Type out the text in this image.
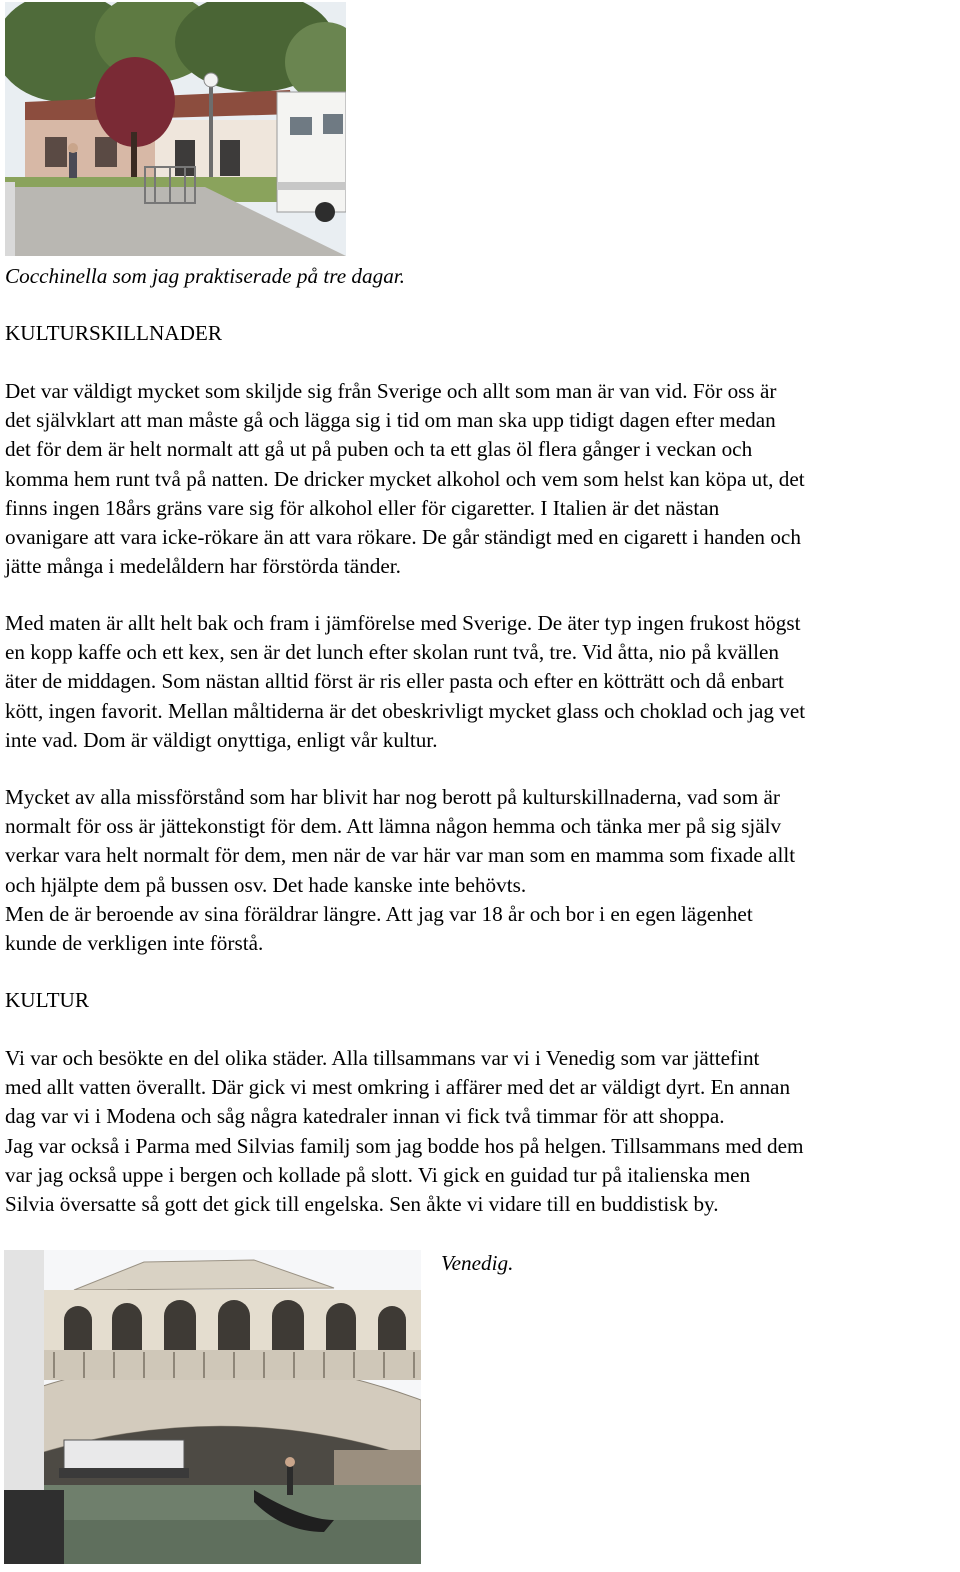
Cocchinella som jag praktiserade på tre dagar.
KULTURSKILLNADER
Det var väldigt mycket som skiljde sig från Sverige och allt som man är van vid. För oss är
det självklart att man måste gå och lägga sig i tid om man ska upp tidigt dagen efter medan
det för dem är helt normalt att gå ut på puben och ta ett glas öl flera gånger i veckan och
komma hem runt två på natten. De dricker mycket alkohol och vem som helst kan köpa ut, det
finns ingen 18års gräns vare sig för alkohol eller för cigaretter. I Italien är det nästan
ovanigare att vara icke-rökare än att vara rökare. De går ständigt med en cigarett i handen och
jätte många i medelåldern har förstörda tänder.
Med maten är allt helt bak och fram i jämförelse med Sverige. De äter typ ingen frukost högst
en kopp kaffe och ett kex, sen är det lunch efter skolan runt två, tre. Vid åtta, nio på kvällen
äter de middagen. Som nästan alltid först är ris eller pasta och efter en kötträtt och då enbart
kött, ingen favorit. Mellan måltiderna är det obeskrivligt mycket glass och choklad och jag vet
inte vad. Dom är väldigt onyttiga, enligt vår kultur.
Mycket av alla missförstånd som har blivit har nog berott på kulturskillnaderna, vad som är
normalt för oss är jättekonstigt för dem. Att lämna någon hemma och tänka mer på sig själv
verkar vara helt normalt för dem, men när de var här var man som en mamma som fixade allt
och hjälpte dem på bussen osv. Det hade kanske inte behövts.
Men de är beroende av sina föräldrar längre. Att jag var 18 år och bor i en egen lägenhet
kunde de verkligen inte förstå.
KULTUR
Vi var och besökte en del olika städer. Alla tillsammans var vi i Venedig som var jättefint
med allt vatten överallt. Där gick vi mest omkring i affärer med det ar väldigt dyrt. En annan
dag var vi i Modena och såg några katedraler innan vi fick två timmar för att shoppa.
Jag var också i Parma med Silvias familj som jag bodde hos på helgen. Tillsammans med dem
var jag också uppe i bergen och kollade på slott. Vi gick en guidad tur på italienska men
Silvia översatte så gott det gick till engelska. Sen åkte vi vidare till en buddistisk by.
Venedig.
